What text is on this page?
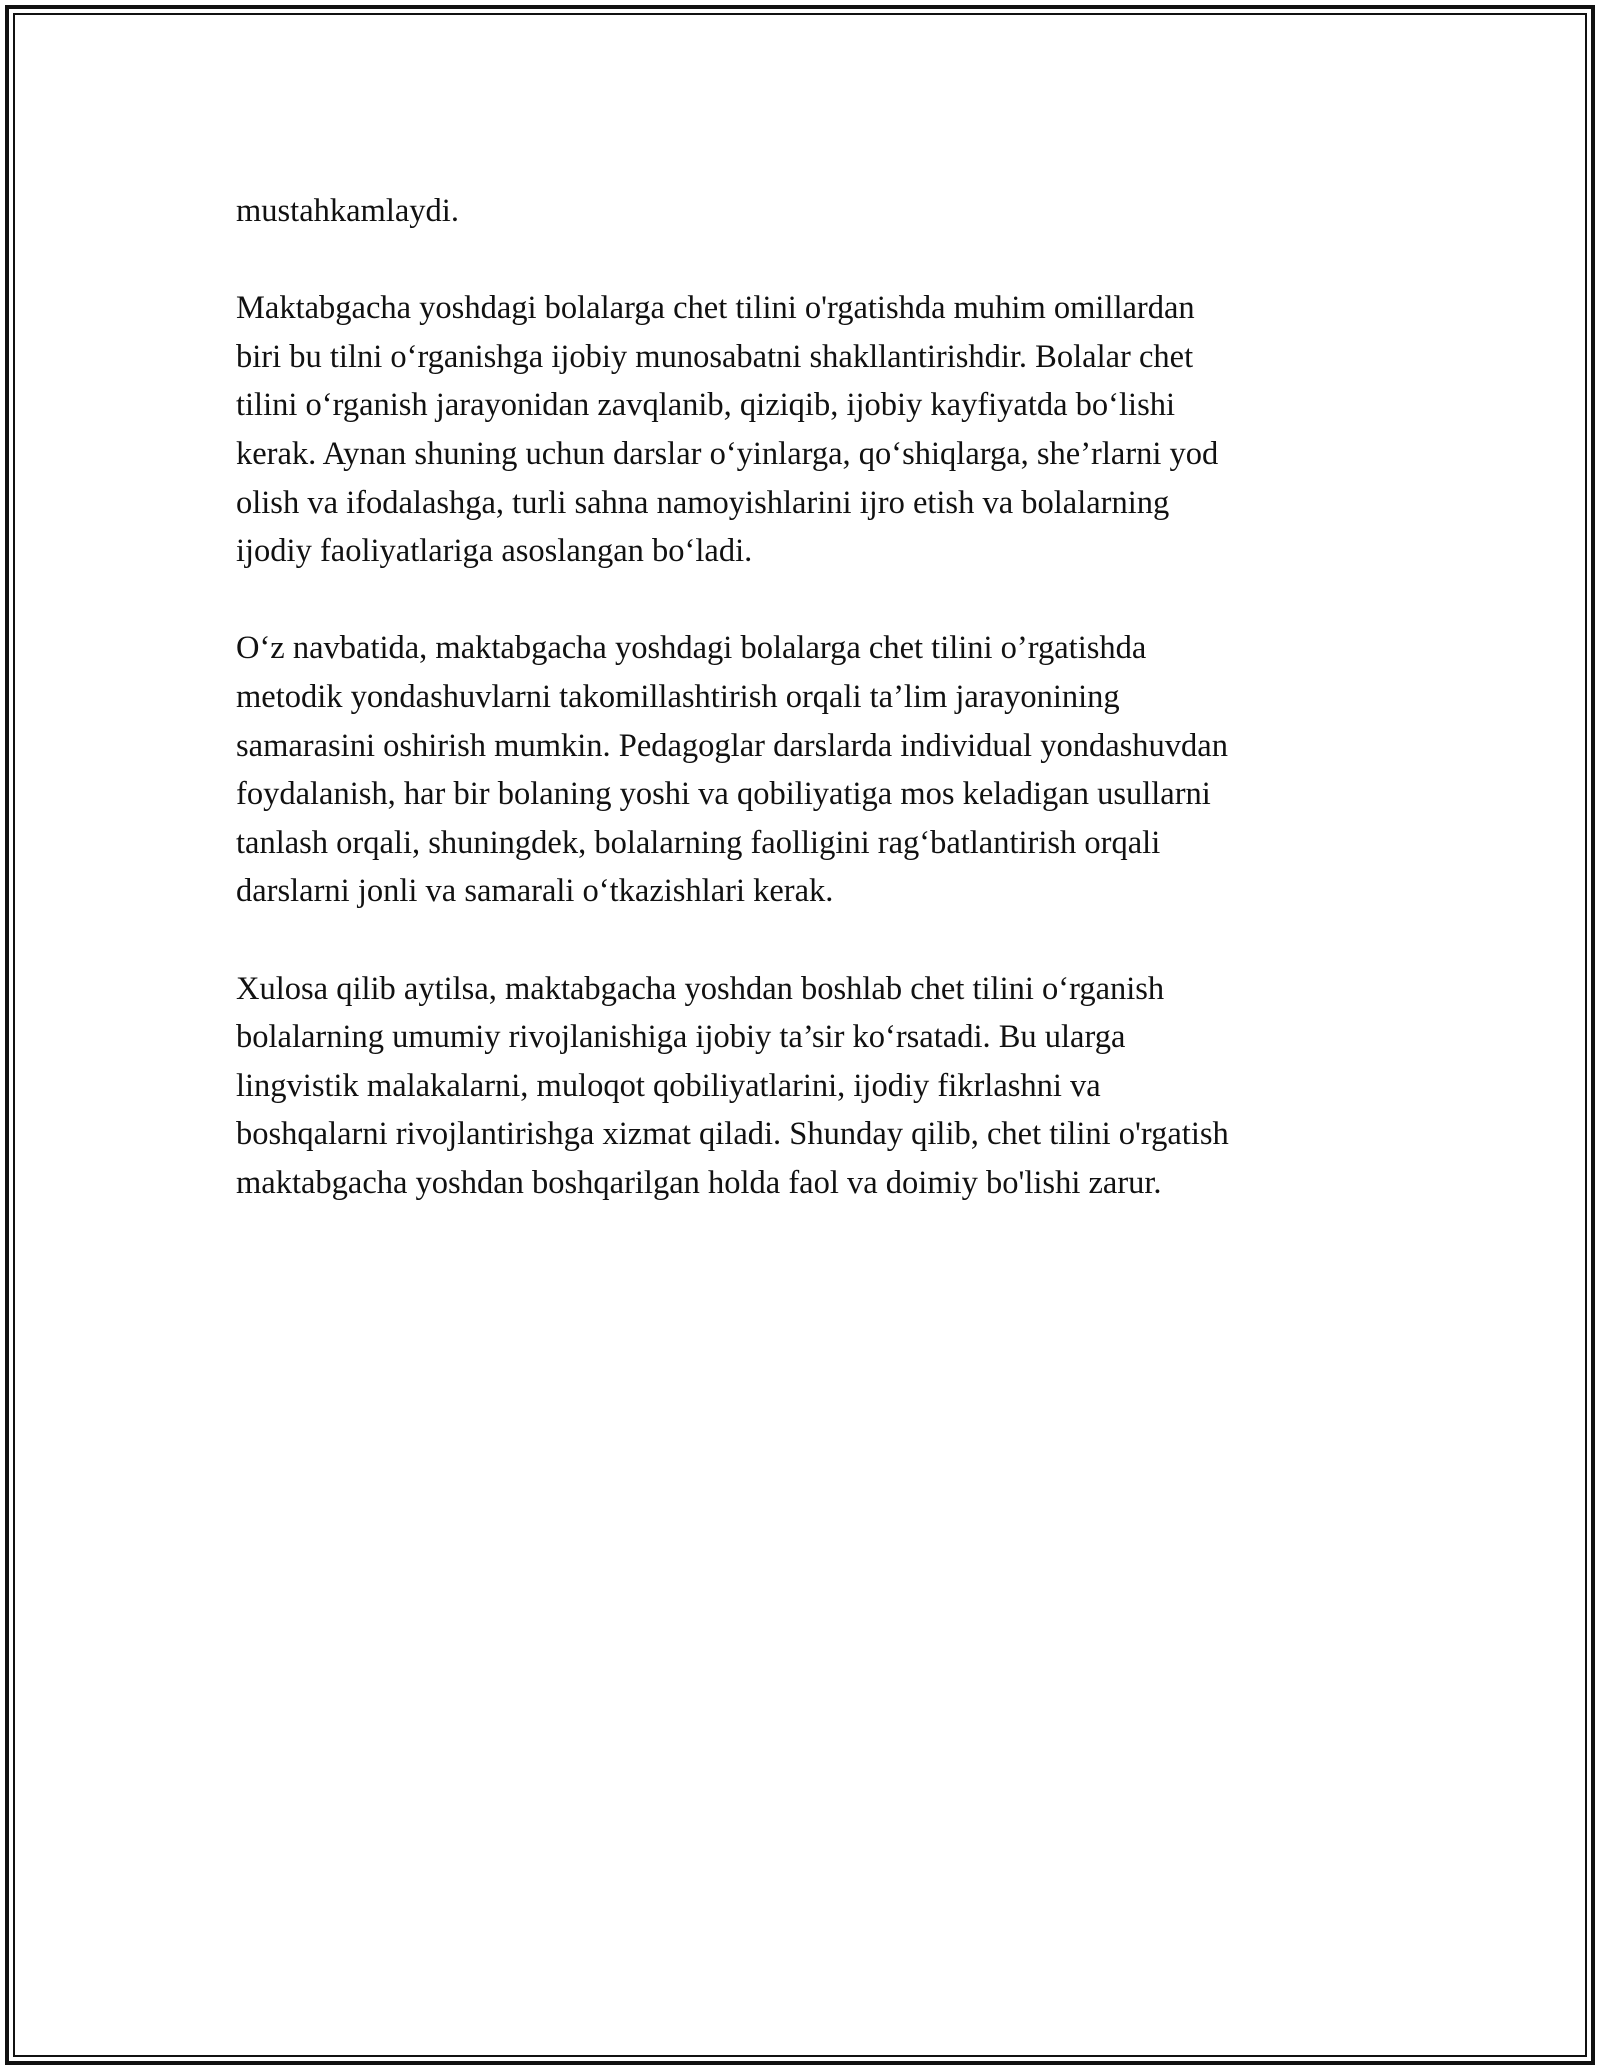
mustahkamlaydi.

Maktabgacha yoshdagi bolalarga chet tilini o'rgatishda muhim omillardan
biri bu tilni o‘rganishga ijobiy munosabatni shakllantirishdir. Bolalar chet
tilini o‘rganish jarayonidan zavqlanib, qiziqib, ijobiy kayfiyatda bo‘lishi
kerak. Aynan shuning uchun darslar o‘yinlarga, qo‘shiqlarga, she’rlarni yod
olish va ifodalashga, turli sahna namoyishlarini ijro etish va bolalarning
ijodiy faoliyatlariga asoslangan bo‘ladi.

O‘z navbatida, maktabgacha yoshdagi bolalarga chet tilini o’rgatishda
metodik yondashuvlarni takomillashtirish orqali ta’lim jarayonining
samarasini oshirish mumkin. Pedagoglar darslarda individual yondashuvdan
foydalanish, har bir bolaning yoshi va qobiliyatiga mos keladigan usullarni
tanlash orqali, shuningdek, bolalarning faolligini rag‘batlantirish orqali
darslarni jonli va samarali o‘tkazishlari kerak.

Xulosa qilib aytilsa, maktabgacha yoshdan boshlab chet tilini o‘rganish
bolalarning umumiy rivojlanishiga ijobiy ta’sir ko‘rsatadi. Bu ularga
lingvistik malakalarni, muloqot qobiliyatlarini, ijodiy fikrlashni va
boshqalarni rivojlantirishga xizmat qiladi. Shunday qilib, chet tilini o'rgatish
maktabgacha yoshdan boshqarilgan holda faol va doimiy bo'lishi zarur.
